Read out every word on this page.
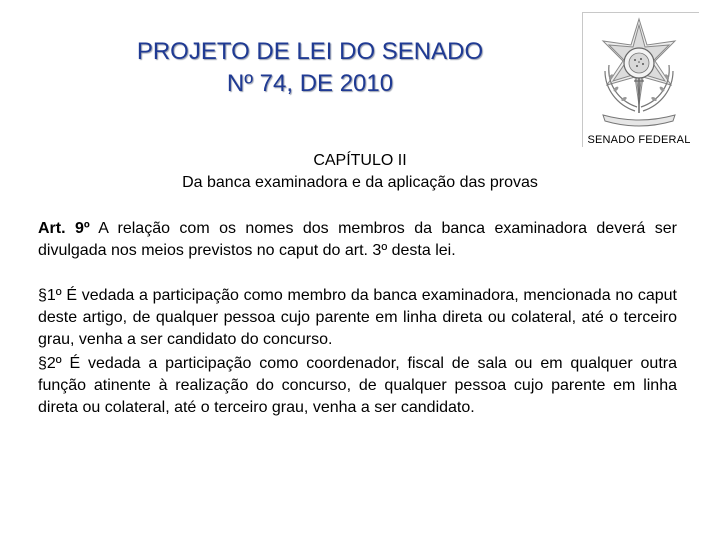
PROJETO DE LEI DO SENADO
Nº 74, DE 2010
SENADO FEDERAL
CAPÍTULO II
Da banca examinadora e da aplicação das provas
Art. 9º A relação com os nomes dos membros da banca examinadora deverá ser divulgada nos meios previstos no caput do art. 3º desta lei.
§1º É vedada a participação como membro da banca examinadora, mencionada no caput deste artigo, de qualquer pessoa cujo parente em linha direta ou colateral, até o terceiro grau, venha a ser candidato do concurso.
§2º É vedada a participação como coordenador, fiscal de sala ou em qualquer outra função atinente à realização do concurso, de qualquer pessoa cujo parente em linha direta ou colateral, até o terceiro grau, venha a ser candidato.
